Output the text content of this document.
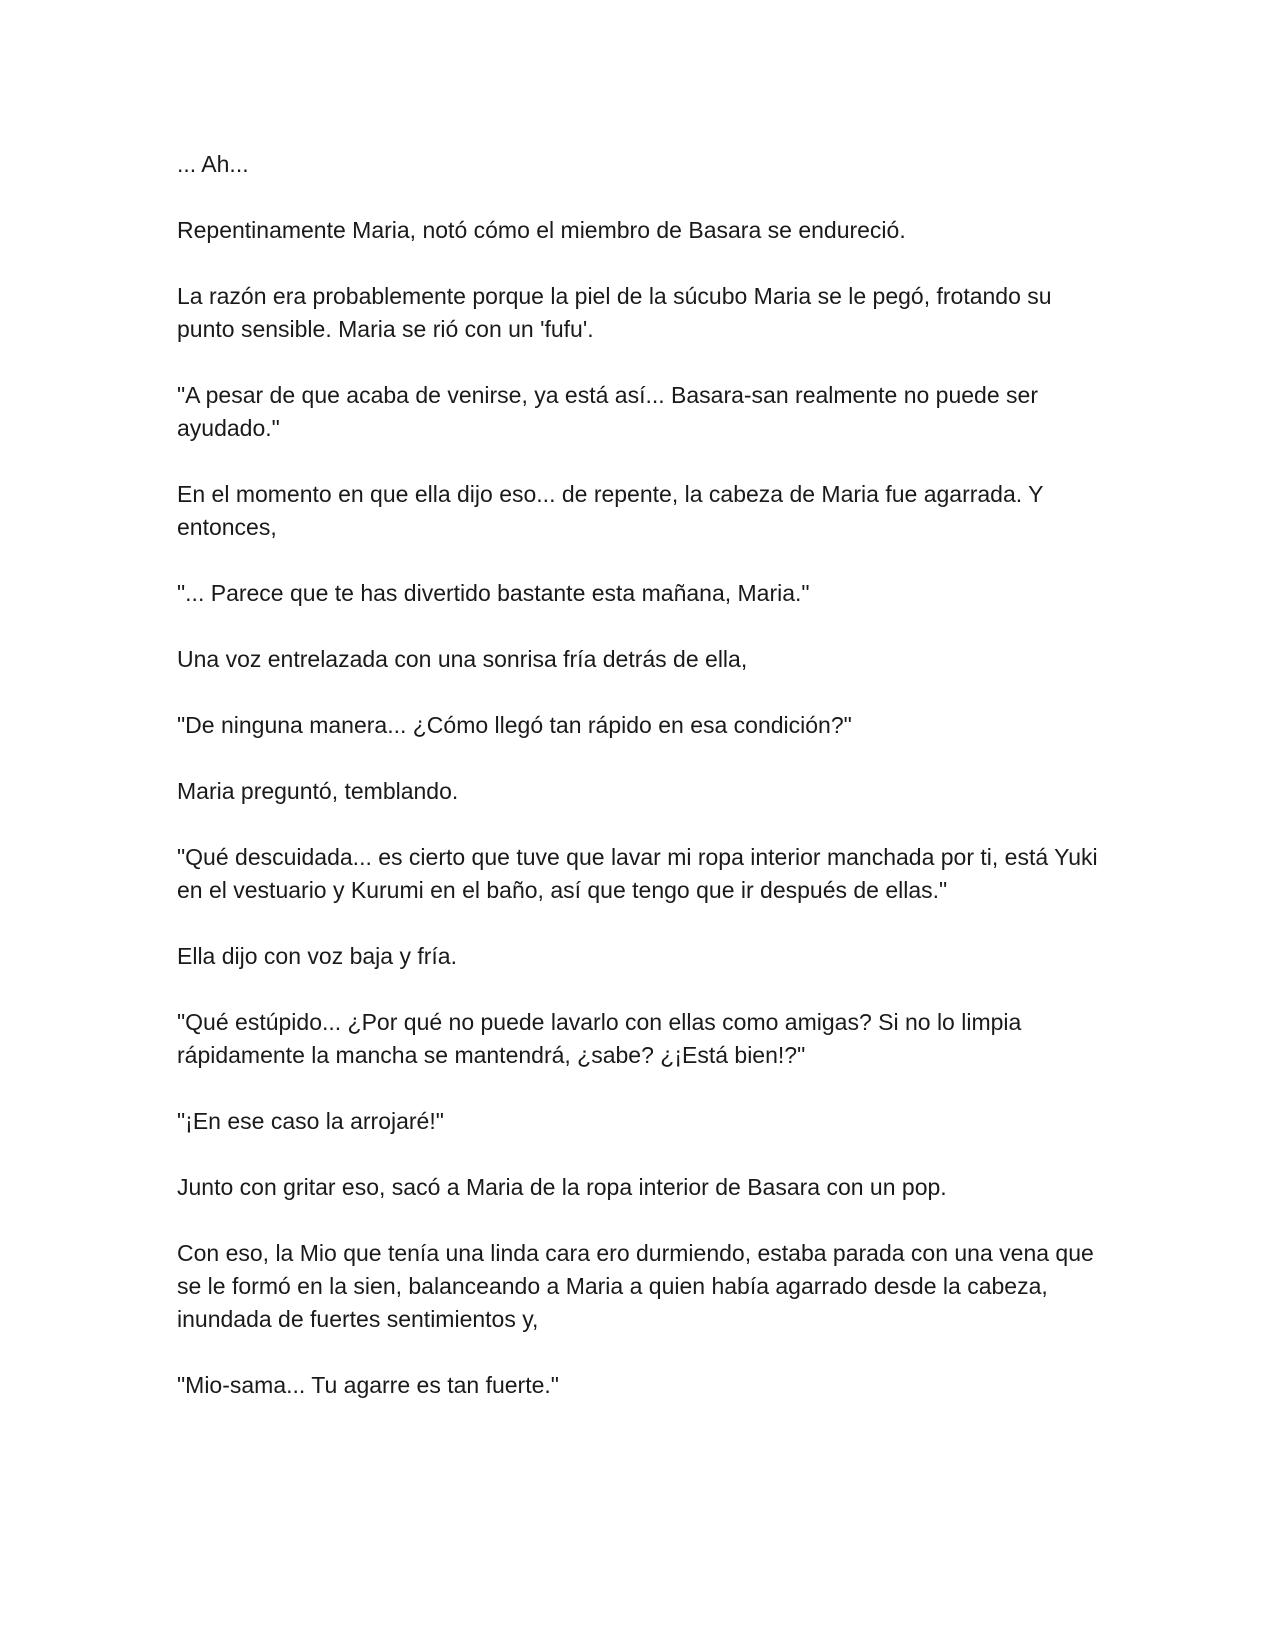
... Ah...

Repentinamente Maria, notó cómo el miembro de Basara se endureció.

La razón era probablemente porque la piel de la súcubo Maria se le pegó, frotando su punto sensible. Maria se rió con un 'fufu'.

"A pesar de que acaba de venirse, ya está así... Basara-san realmente no puede ser ayudado."

En el momento en que ella dijo eso... de repente, la cabeza de Maria fue agarrada. Y entonces,

"... Parece que te has divertido bastante esta mañana, Maria."

Una voz entrelazada con una sonrisa fría detrás de ella,

"De ninguna manera... ¿Cómo llegó tan rápido en esa condición?"

Maria preguntó, temblando.

"Qué descuidada... es cierto que tuve que lavar mi ropa interior manchada por ti, está Yuki en el vestuario y Kurumi en el baño, así que tengo que ir después de ellas."

Ella dijo con voz baja y fría.

"Qué estúpido... ¿Por qué no puede lavarlo con ellas como amigas? Si no lo limpia rápidamente la mancha se mantendrá, ¿sabe? ¿¡Está bien!?"

"¡En ese caso la arrojaré!"

Junto con gritar eso, sacó a Maria de la ropa interior de Basara con un pop.

Con eso, la Mio que tenía una linda cara ero durmiendo, estaba parada con una vena que se le formó en la sien, balanceando a Maria a quien había agarrado desde la cabeza, inundada de fuertes sentimientos y,

"Mio-sama... Tu agarre es tan fuerte."
